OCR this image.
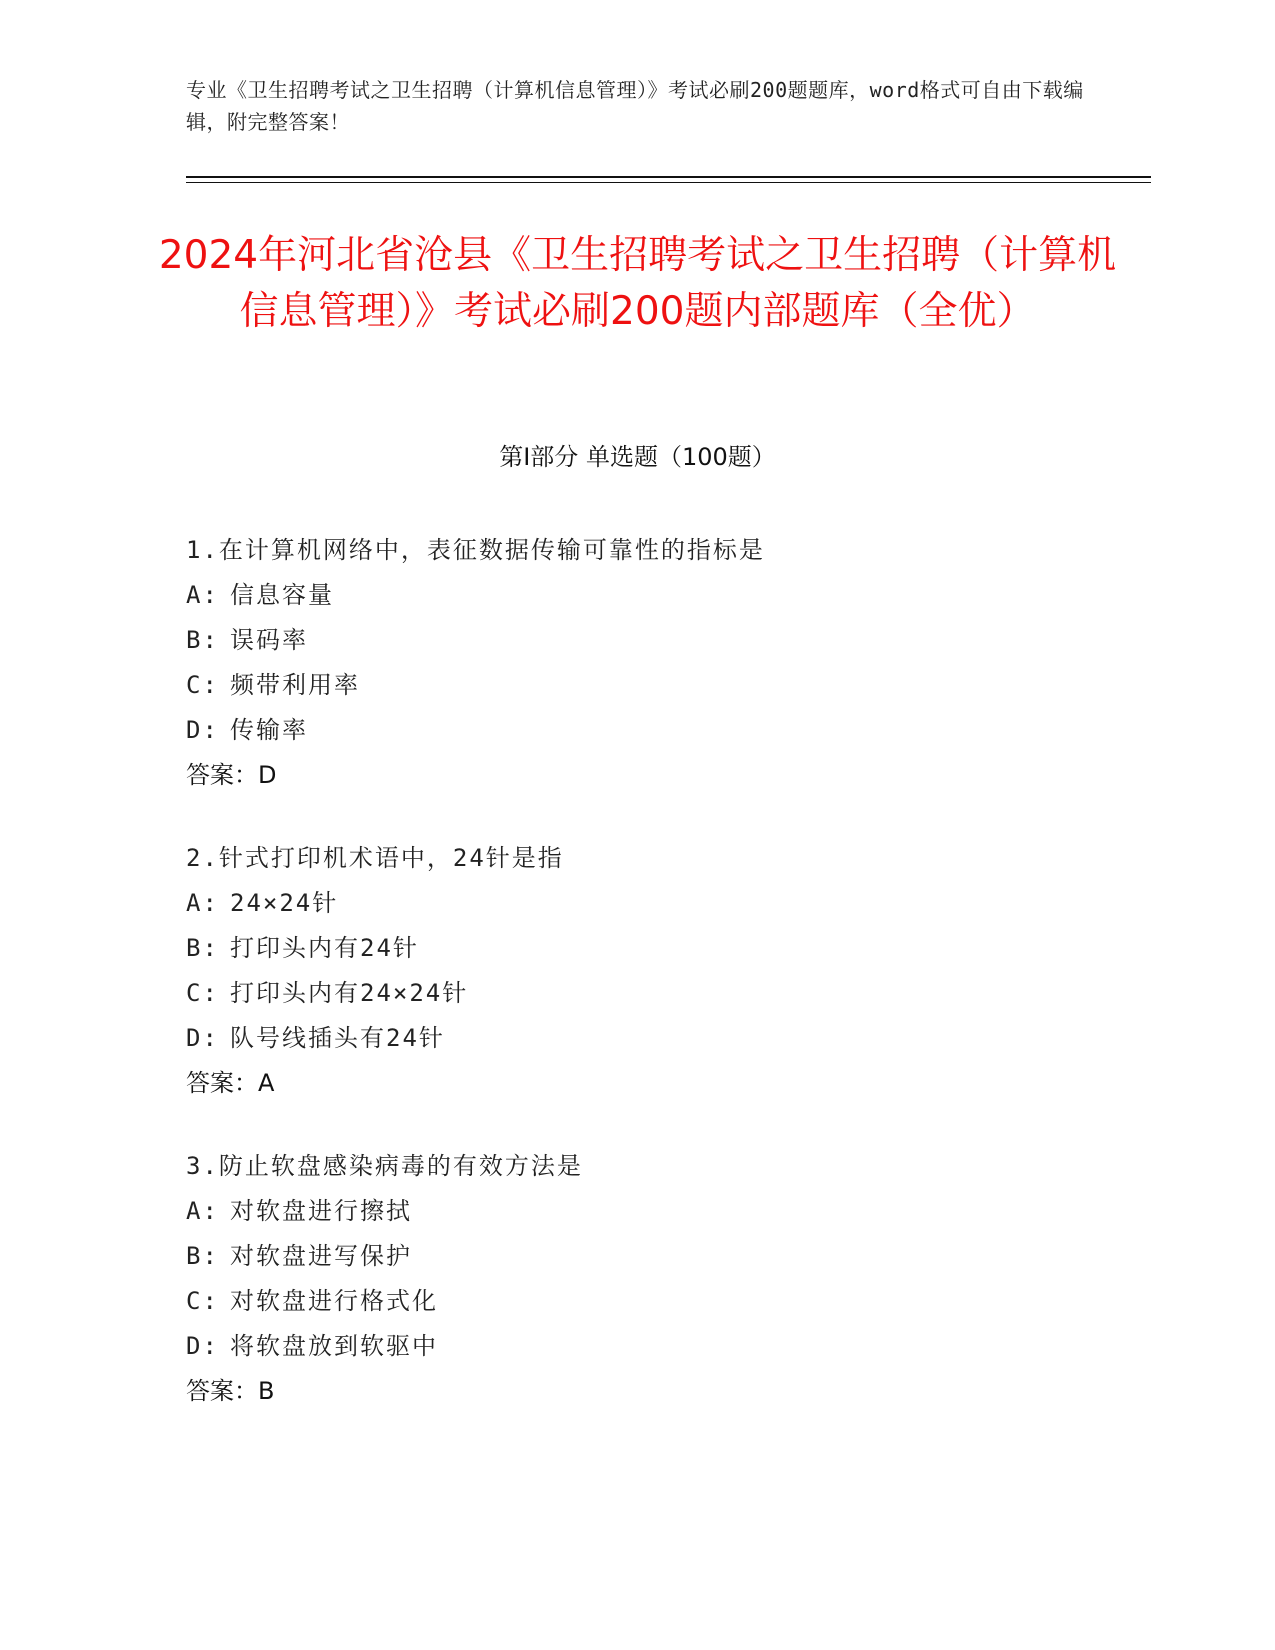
专业《卫生招聘考试之卫生招聘（计算机信息管理）》考试必刷200题题库，word格式可自由下载编辑，附完整答案！
2024年河北省沧县《卫生招聘考试之卫生招聘（计算机信息管理）》考试必刷200题内部题库（全优）
第Ⅰ部分 单选题（100题）
1.在计算机网络中，表征数据传输可靠性的指标是
A: 信息容量
B: 误码率
C: 频带利用率
D: 传输率
答案：D
2.针式打印机术语中，24针是指
A: 24×24针
B: 打印头内有24针
C: 打印头内有24×24针
D: 队号线插头有24针
答案：A
3.防止软盘感染病毒的有效方法是
A: 对软盘进行擦拭
B: 对软盘进写保护
C: 对软盘进行格式化
D: 将软盘放到软驱中
答案：B
